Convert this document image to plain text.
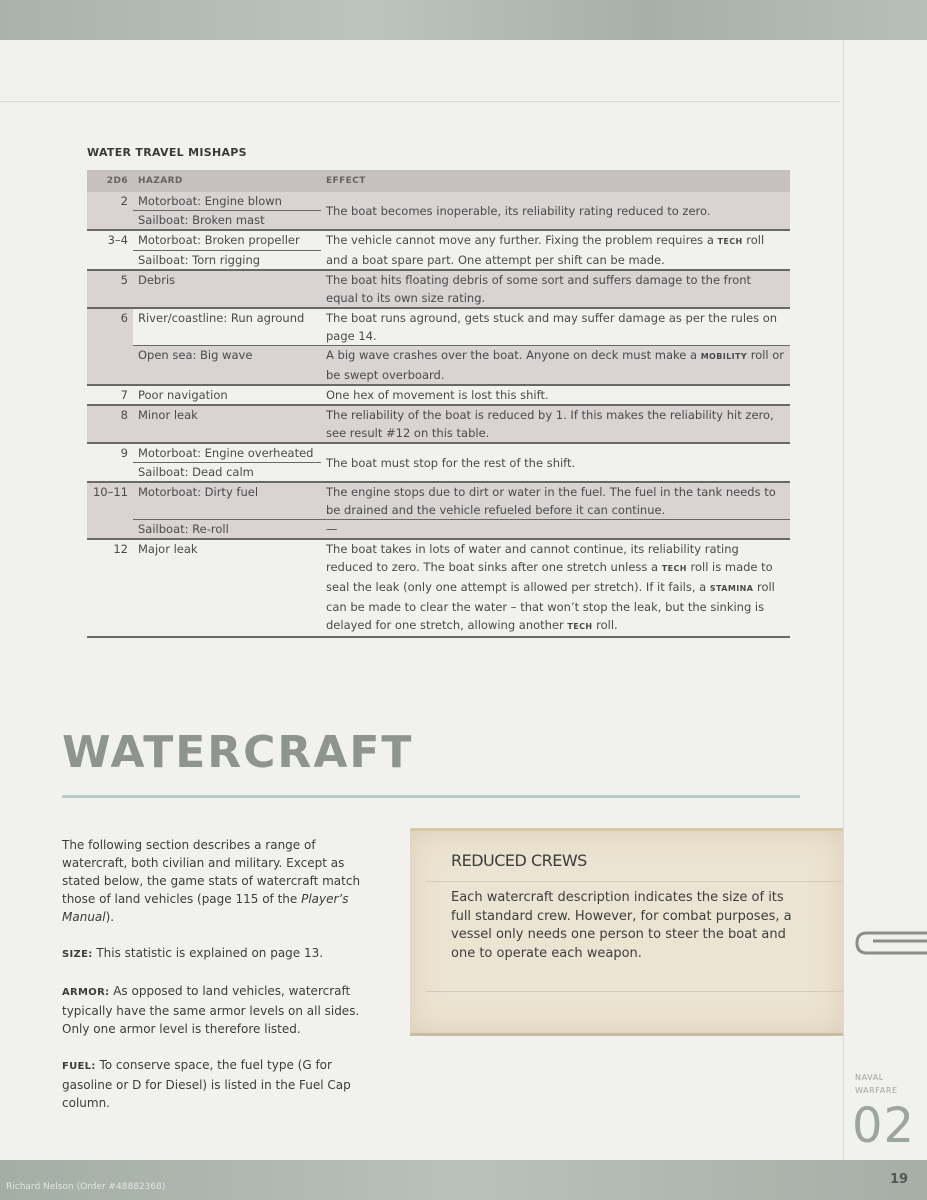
WATER TRAVEL MISHAPS
2D6	HAZARD	EFFECT
2	Motorboat: Engine blown	The boat becomes inoperable, its reliability rating reduced to zero.
	Sailboat: Broken mast	
3–4	Motorboat: Broken propeller	The vehicle cannot move any further. Fixing the problem requires a TECH roll and a boat spare part. One attempt per shift can be made.
	Sailboat: Torn rigging	
5	Debris	The boat hits floating debris of some sort and suffers damage to the front equal to its own size rating.
6	River/coastline: Run aground	The boat runs aground, gets stuck and may suffer damage as per the rules on page 14.
	Open sea: Big wave	A big wave crashes over the boat. Anyone on deck must make a MOBILITY roll or be swept overboard.
7	Poor navigation	One hex of movement is lost this shift.
8	Minor leak	The reliability of the boat is reduced by 1. If this makes the reliability hit zero, see result #12 on this table.
9	Motorboat: Engine overheated	The boat must stop for the rest of the shift.
	Sailboat: Dead calm	
10–11	Motorboat: Dirty fuel	The engine stops due to dirt or water in the fuel. The fuel in the tank needs to be drained and the vehicle refueled before it can continue.
	Sailboat: Re-roll	—
12	Major leak	The boat takes in lots of water and cannot continue, its reliability rating reduced to zero. The boat sinks after one stretch unless a TECH roll is made to seal the leak (only one attempt is allowed per stretch). If it fails, a STAMINA roll can be made to clear the water – that won’t stop the leak, but the sinking is delayed for one stretch, allowing another TECH roll.
WATERCRAFT

The following section describes a range of watercraft, both civilian and military. Except as stated below, the game stats of watercraft match those of land vehicles (page 115 of the Player’s Manual).

SIZE: This statistic is explained on page 13.

ARMOR: As opposed to land vehicles, watercraft typically have the same armor levels on all sides. Only one armor level is therefore listed.

FUEL: To conserve space, the fuel type (G for gasoline or D for Diesel) is listed in the Fuel Cap column.

REDUCED CREWS

Each watercraft description indicates the size of its full standard crew. However, for combat purposes, a vessel only needs one person to steer the boat and one to operate each weapon.

NAVAL
WARFARE
02
Richard Nelson (Order #48882368)	19
